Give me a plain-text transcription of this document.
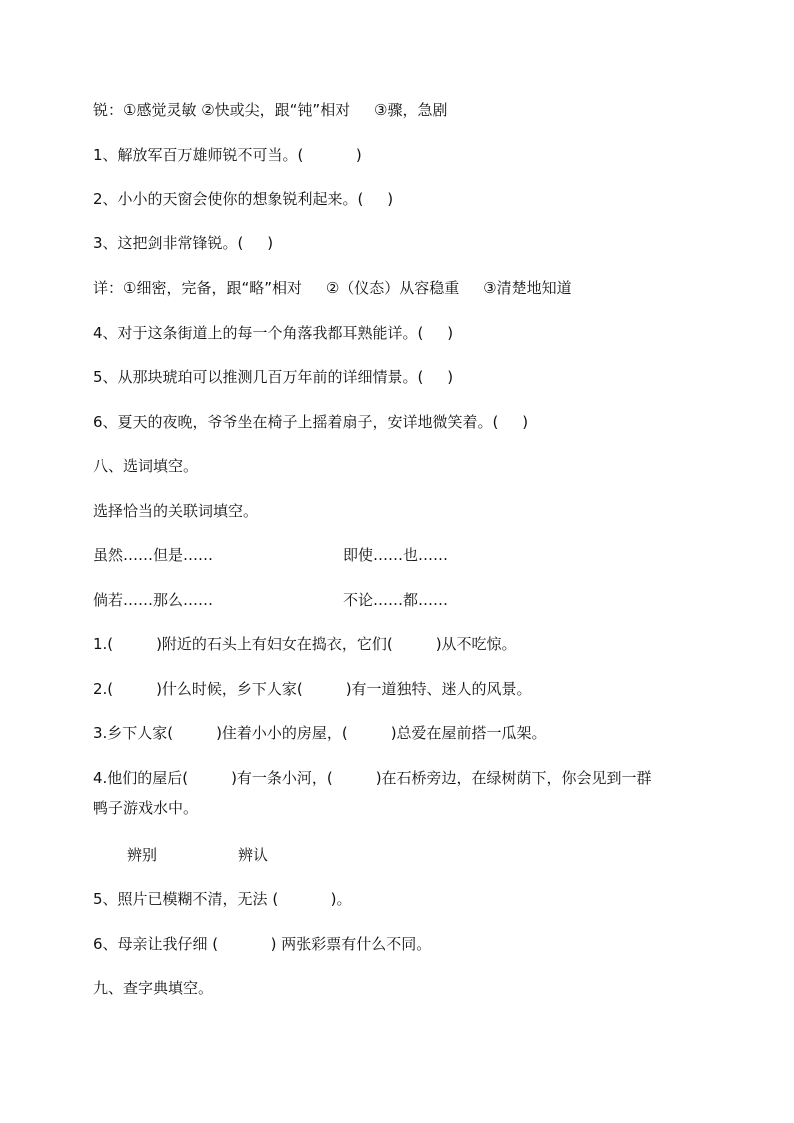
锐：①感觉灵敏 ②快或尖，跟“钝”相对     ③骤，急剧
1、解放军百万雄师锐不可当。(           )
2、小小的天窗会使你的想象锐利起来。(     )
3、这把剑非常锋锐。(     )
详：①细密，完备，跟“略”相对     ②（仪态）从容稳重     ③清楚地知道
4、对于这条街道上的每一个角落我都耳熟能详。(     )
5、从那块琥珀可以推测几百万年前的详细情景。(     )
6、夏天的夜晚，爷爷坐在椅子上摇着扇子，安详地微笑着。(     )
八、选词填空。
选择恰当的关联词填空。
虽然……但是……	即使……也……
倘若……那么……	不论……都……
1.(         )附近的石头上有妇女在捣衣，它们(         )从不吃惊。
2.(         )什么时候，乡下人家(         )有一道独特、迷人的风景。
3.乡下人家(         )住着小小的房屋，(         )总爱在屋前搭一瓜架。
4.他们的屋后(         )有一条小河，(         )在石桥旁边，在绿树荫下，你会见到一群
鸭子游戏水中。
辨别	辨认
5、照片已模糊不清，无法 (           )。
6、母亲让我仔细 (           ) 两张彩票有什么不同。
九、查字典填空。
